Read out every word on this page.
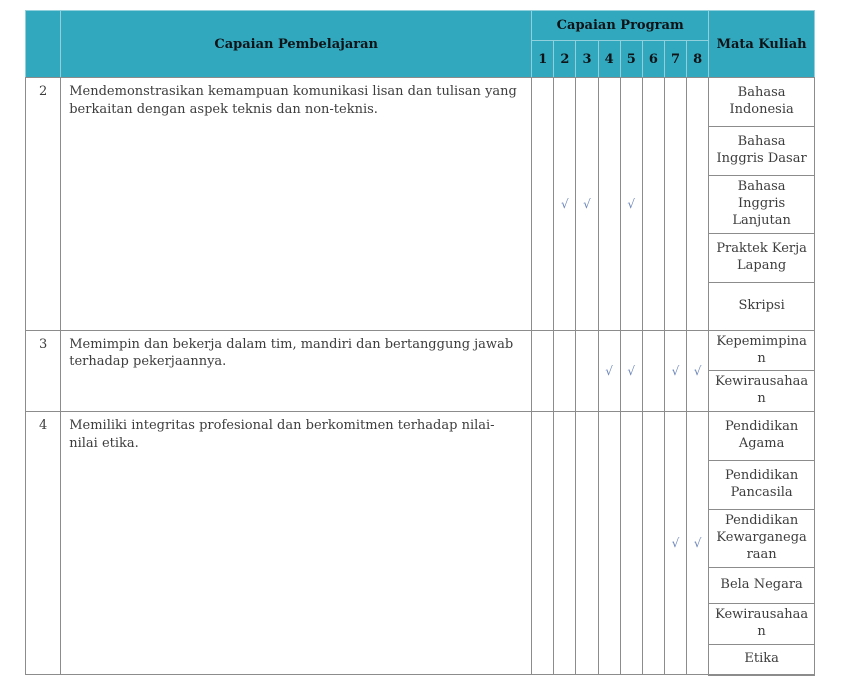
	Capaian Pembelajaran	Capaian Program								Mata Kuliah
		1	2	3	4	5	6	7	8	
2	Mendemonstrasikan kemampuan komunikasi lisan dan tulisan yang berkaitan dengan aspek teknis dan non-teknis.		√	√		√				Bahasa Indonesia
										Bahasa Inggris Dasar
										Bahasa Inggris Lanjutan
										Praktek Kerja Lapang
										Skripsi
3	Memimpin dan bekerja dalam tim, mandiri dan bertanggung jawab terhadap pekerjaannya.				√	√		√	√	Kepemimpinan
										Kewirausahaan
4	Memiliki integritas profesional dan berkomitmen terhadap nilai-nilai etika.							√	√	Pendidikan Agama
										Pendidikan Pancasila
										Pendidikan Kewarganegaraan
										Bela Negara
										Kewirausahaan
										Etika
